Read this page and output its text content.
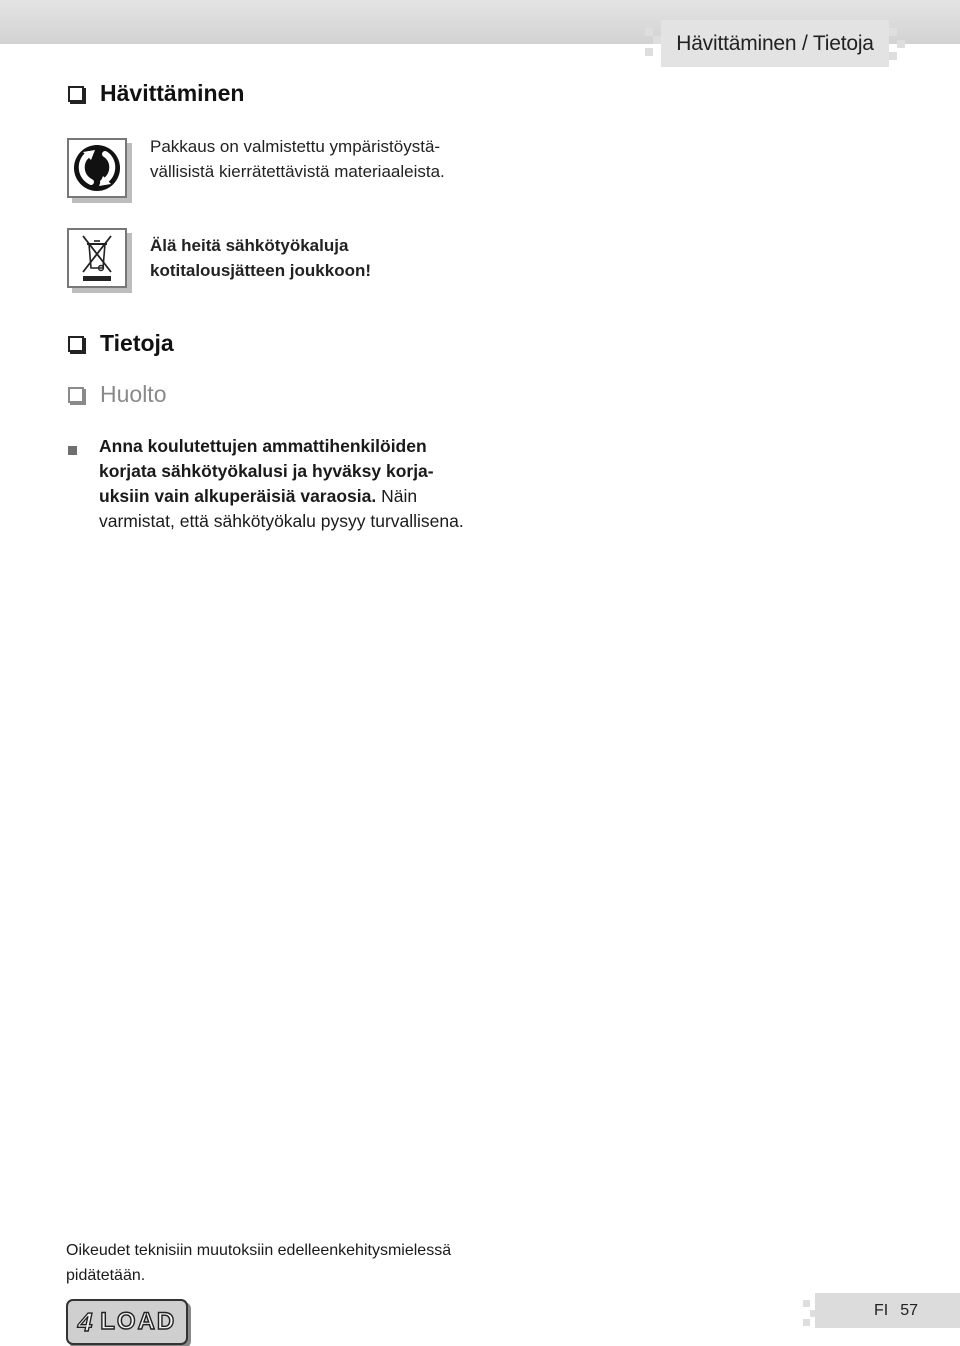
Hävittäminen / Tietoja
Hävittäminen
Pakkaus on valmistettu ympäristöystä-
vällisistä kierrätettävistä materiaaleista.
Älä heitä sähkötyökaluja
kotitalousjätteen joukkoon!
Tietoja
Huolto
Anna koulutettujen ammattihenkilöiden
korjata sähkötyökalusi ja hyväksy korja-
uksiin vain alkuperäisiä varaosia. Näin
varmistat, että sähkötyökalu pysyy turvallisena.
Oikeudet teknisiin muutoksiin edelleenkehitysmielessä
pidätetään.
4 LOAD	FI 57
